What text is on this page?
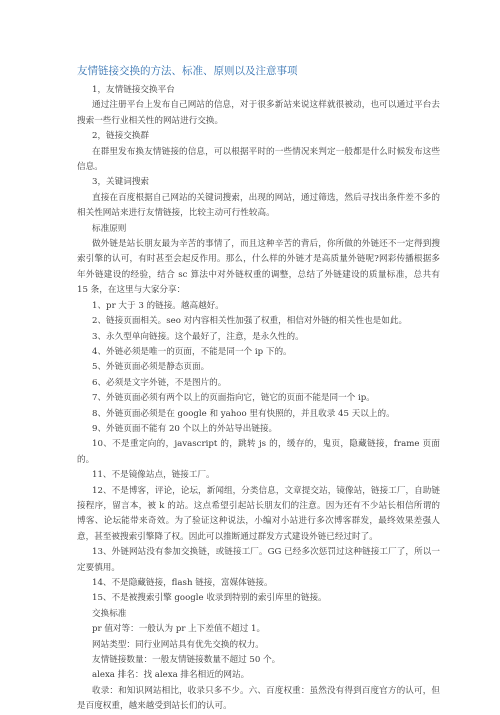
友情链接交换的方法、标准、原则以及注意事项

1，友情链接交换平台

通过注册平台上发布自己网站的信息，对于很多新站来说这样就很被动，也可以通过平台去搜索一些行业相关性的网站进行交换。

2，链接交换群

在群里发布换友情链接的信息，可以根据平时的一些情况来判定一般都是什么时候发布这些信息。

3，关键词搜索

直接在百度根据自己网站的关键词搜索，出现的网站，通过筛选，然后寻找出条件差不多的相关性网站来进行友情链接，比较主动可行性较高。

标准原则

做外链是站长朋友最为辛苦的事情了，而且这种辛苦的背后，你所做的外链还不一定得到搜索引擎的认可，有时甚至会起反作用。那么，什么样的外链才是高质量外链呢?网彩传播根据多年外链建设的经验，结合 sc 算法中对外链权重的调整，总结了外链建设的质量标准，总共有 15 条，在这里与大家分享：

1、pr 大于 3 的链接。越高越好。

2、链接页面相关。seo 对内容相关性加强了权重，相信对外链的相关性也是如此。

3、永久型单向链接。这个最好了，注意，是永久性的。

4、外链必须是唯一的页面，不能是同一个 ip 下的。

5、外链页面必须是静态页面。

6、必须是文字外链，不是图片的。

7、外链页面必须有两个以上的页面指向它，链它的页面不能是同一个 ip。

8、外链页面必须是在 google 和 yahoo 里有快照的，并且收录 45 天以上的。

9、外链页面不能有 20 个以上的外站导出链接。

10、不是重定向的，javascript 的，跳转 js 的，缓存的，鬼页，隐藏链接，frame 页面的。

11、不是镜像站点，链接工厂。

12、不是博客，评论，论坛，新闻组，分类信息，文章提交站，镜像站，链接工厂，自助链接程序，留言本，被 k 的站。这点希望引起站长朋友们的注意。因为还有不少站长相信所谓的博客、论坛能带来奇效。为了验证这种说法，小编对小站进行多次博客群发，最终效果差强人意，甚至被搜索引擎降了权。因此可以推断通过群发方式建设外链已经过时了。

13、外链网站没有参加交换链，或链接工厂。GG 已经多次惩罚过这种链接工厂了，所以一定要慎用。

14、不是隐藏链接，flash 链接，富媒体链接。

15、不是被搜索引擎 google 收录到特别的索引库里的链接。

交换标准

pr 值对等：一般认为 pr 上下差值不超过 1。

网站类型：同行业网站具有优先交换的权力。

友情链接数量：一般友情链接数量不超过 50 个。

alexa 排名：找 alexa 排名相近的网站。

收录：和知识网站相比，收录只多不少。六、百度权重：虽然没有得到百度官方的认可，但是百度权重，越来越受到站长们的认可。
